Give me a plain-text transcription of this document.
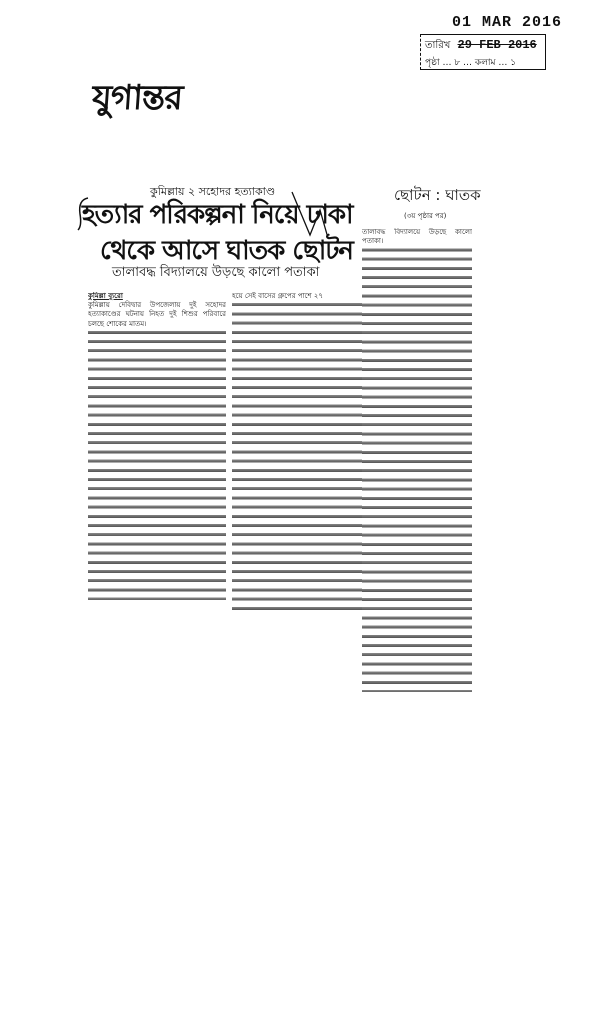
যুগান্তর
01 MAR 2016
তারিখ 29 FEB 2016
পৃষ্ঠা … ৮ … কলাম … ১
কুমিল্লায় ২ সহোদর হত্যাকাণ্ড
হত্যার পরিকল্পনা নিয়ে ঢাকা
থেকে আসে ঘাতক ছোটন
তালাবদ্ধ বিদ্যালয়ে উড়ছে কালো পতাকা

কুমিল্লা ব্যুরো

কুমিল্লায় দেবিদ্বার উপজেলায় দুই সহোদর হত্যাকাণ্ডের ঘটনায় নিহত দুই শিশুর পরিবারে চলছে শোকের মাতম।

হয়ে সেই বাসের গ্রুপের পাশে ২৭

ছোটন : ঘাতক
(৩য় পৃষ্ঠার পর)

তালাবদ্ধ বিদ্যালয়ে উড়ছে কালো পতাকা।
